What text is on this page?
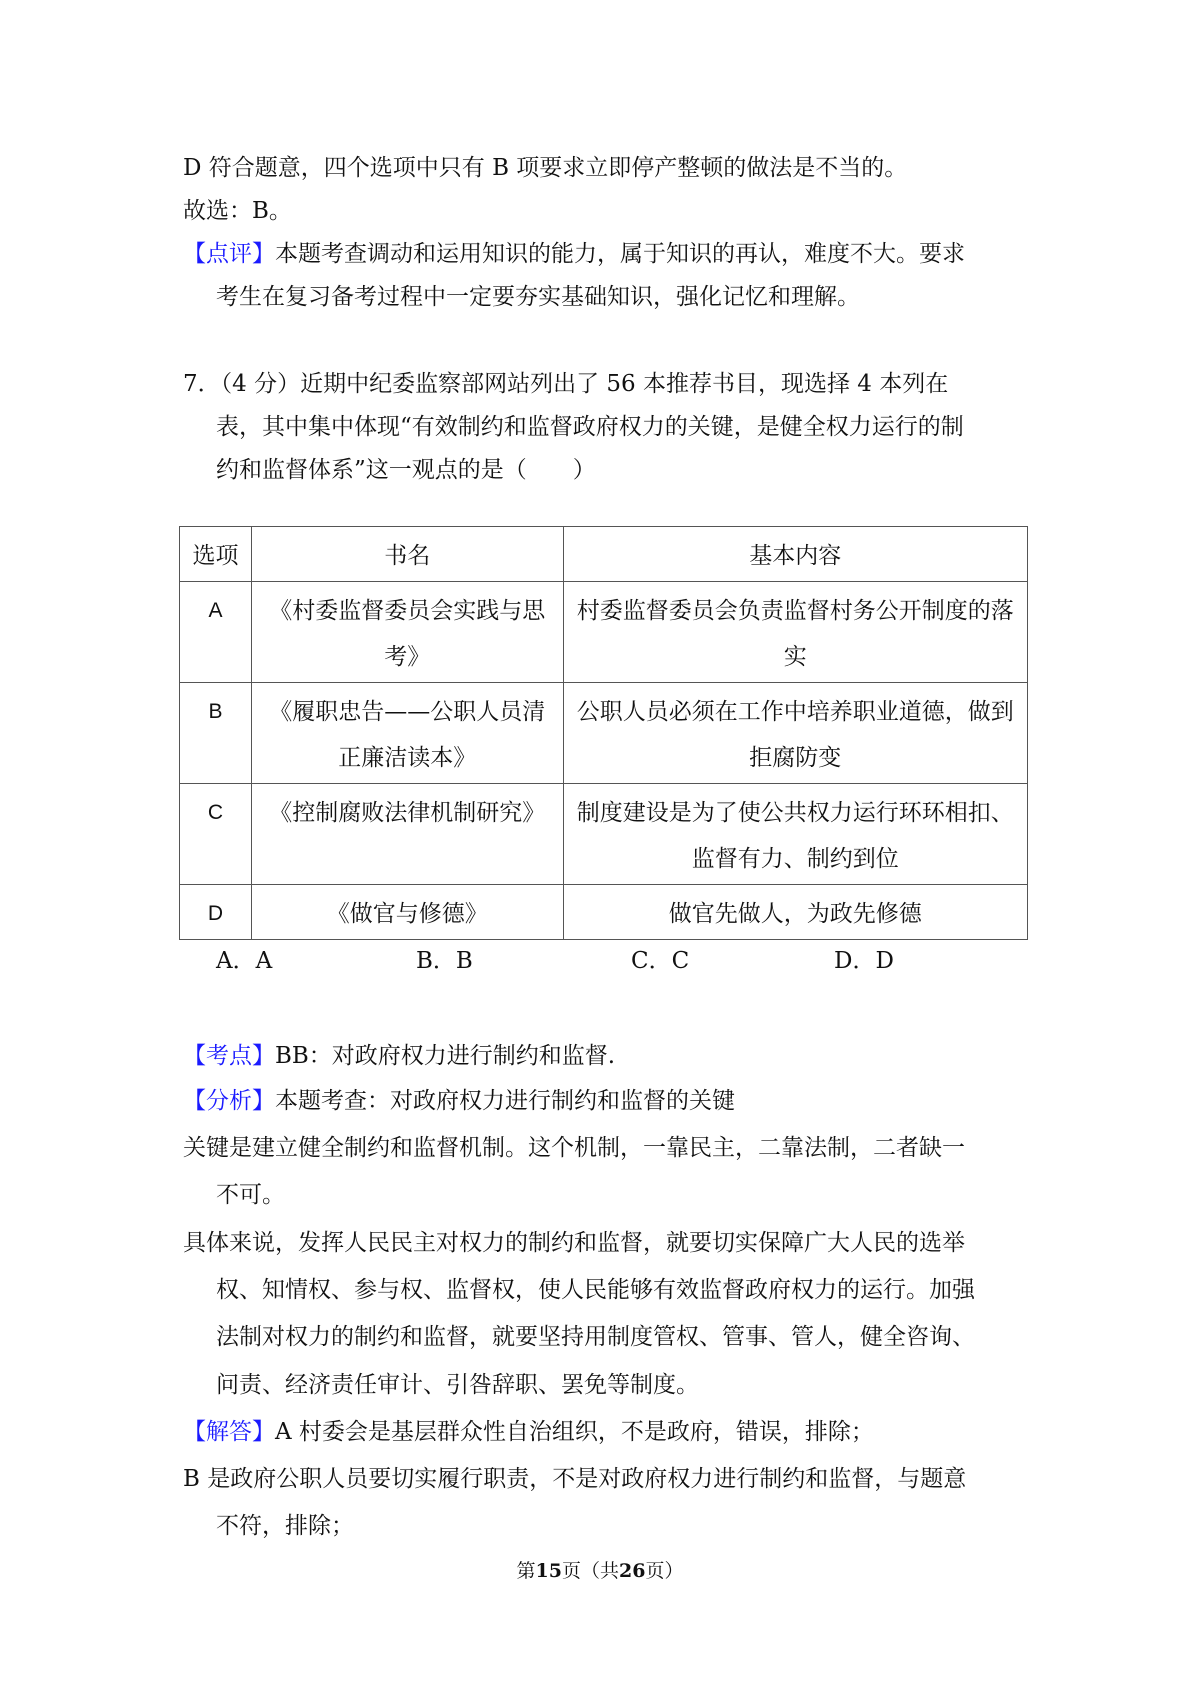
D 符合题意，四个选项中只有 B 项要求立即停产整顿的做法是不当的。
故选：B。
【点评】本题考查调动和运用知识的能力，属于知识的再认，难度不大。要求
考生在复习备考过程中一定要夯实基础知识，强化记忆和理解。
7．（4 分）近期中纪委监察部网站列出了 56 本推荐书目，现选择 4 本列在
表，其中集中体现“有效制约和监督政府权力的关键，是健全权力运行的制
约和监督体系”这一观点的是（　　）
选项	书名	基本内容
A	《村委监督委员会实践与思考》	村委监督委员会负责监督村务公开制度的落实
B	《履职忠告——公职人员清正廉洁读本》	公职人员必须在工作中培养职业道德，做到拒腐防变
C	《控制腐败法律机制研究》	制度建设是为了使公共权力运行环环相扣、监督有力、制约到位
D	《做官与修德》	做官先做人，为政先修德
A．A	B．B	C．C	D．D
【考点】BB：对政府权力进行制约和监督.
【分析】本题考查：对政府权力进行制约和监督的关键
关键是建立健全制约和监督机制。这个机制，一靠民主，二靠法制，二者缺一
不可。
具体来说，发挥人民民主对权力的制约和监督，就要切实保障广大人民的选举
权、知情权、参与权、监督权，使人民能够有效监督政府权力的运行。加强
法制对权力的制约和监督，就要坚持用制度管权、管事、管人，健全咨询、
问责、经济责任审计、引咎辞职、罢免等制度。
【解答】A 村委会是基层群众性自治组织，不是政府，错误，排除；
B 是政府公职人员要切实履行职责，不是对政府权力进行制约和监督，与题意
不符，排除；
第15页（共26页）
